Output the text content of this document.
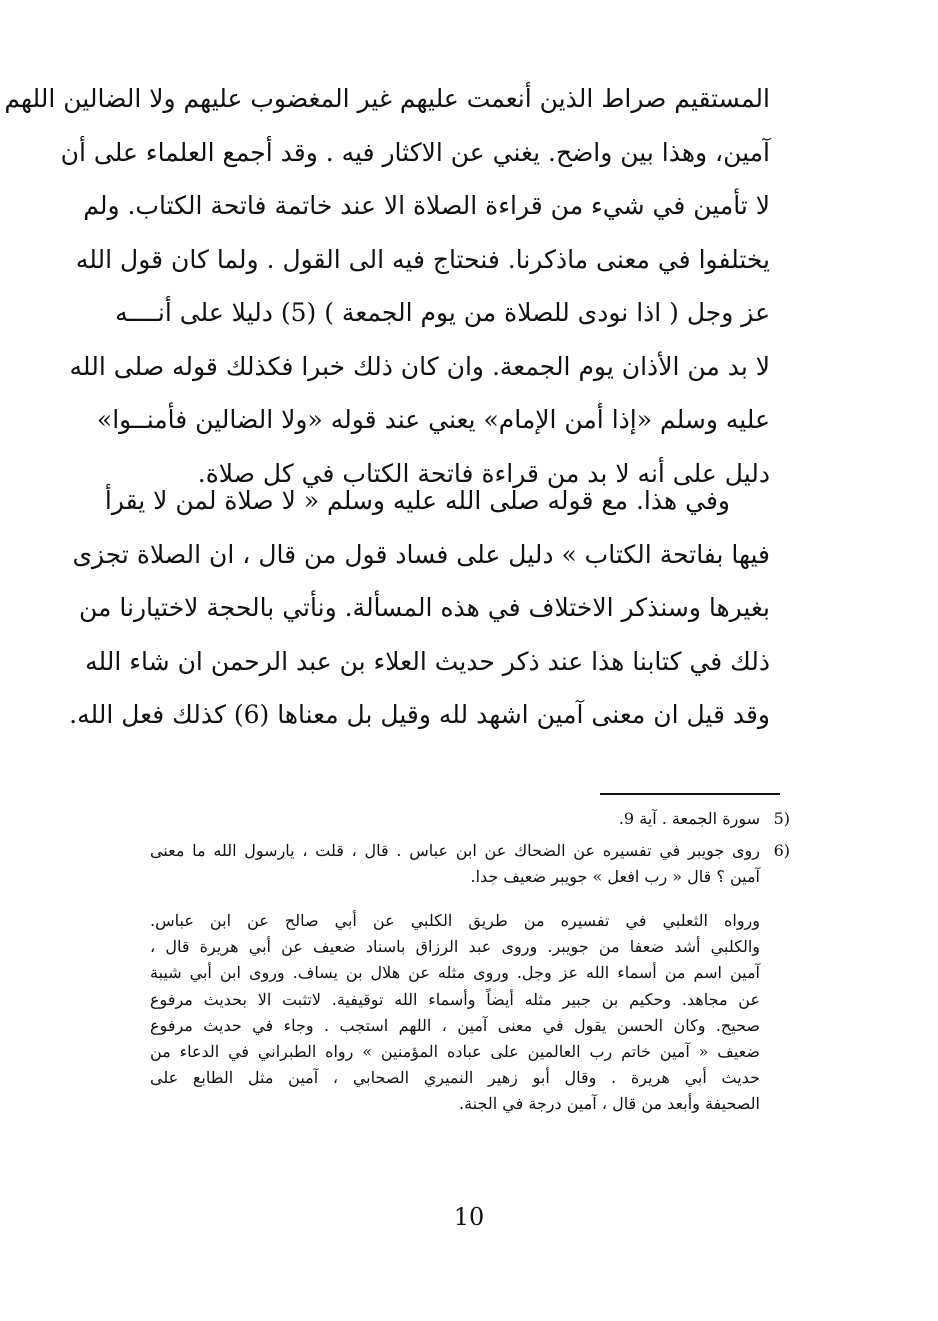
المستقيم صراط الذين أنعمت عليهم غير المغضوب عليهم ولا الضالين اللهم
آمين، وهذا بين واضح. يغني عن الاكثار فيه . وقد أجمع العلماء على أن
لا تأمين في شيء من قراءة الصلاة الا عند خاتمة فاتحة الكتاب. ولم
يختلفوا في معنى ماذكرنا. فنحتاج فيه الى القول . ولما كان قول الله
عز وجل ( اذا نودى للصلاة من يوم الجمعة ) (5) دليلا على أنــــه
لا بد من الأذان يوم الجمعة. وان كان ذلك خبرا فكذلك قوله صلى الله
عليه وسلم «إذا أمن الإمام» يعني عند قوله «ولا الضالين فأمنــوا»
دليل على أنه لا بد من قراءة فاتحة الكتاب في كل صلاة.
وفي هذا. مع قوله صلى الله عليه وسلم « لا صلاة لمن لا يقرأ
فيها بفاتحة الكتاب » دليل على فساد قول من قال ، ان الصلاة تجزى
بغيرها وسنذكر الاختلاف في هذه المسألة. ونأتي بالحجة لاختيارنا من
ذلك في كتابنا هذا عند ذكر حديث العلاء بن عبد الرحمن ان شاء الله
وقد قيل ان معنى آمين اشهد لله وقيل بل معناها (6) كذلك فعل الله.
5)
سورة الجمعة . آية 9.
6)
روى جويبر في تفسيره عن الضحاك عن ابن عباس . قال ، قلت ، يارسول الله ما معنى
آمين ؟ قال « رب افعل » جويبر ضعيف جدا.
ورواه الثعلبي في تفسيره من طريق الكلبي عن أبي صالح عن ابن عباس.
والكلبي أشد ضعفا من جويبر. وروى عبد الرزاق باسناد ضعيف عن أبي هريرة قال ،
آمين اسم من أسماء الله عز وجل. وروى مثله عن هلال بن يساف. وروى ابن أبي شيبة
عن مجاهد. وحكيم بن جبير مثله أيضاً وأسماء الله توقيفية. لاتثبت الا بحديث مرفوع
صحيح. وكان الحسن يقول في معنى آمين ، اللهم استجب . وجاء في حديث مرفوع
ضعيف « آمين خاتم رب العالمين على عباده المؤمنين » رواه الطبراني في الدعاء من
حديث أبي هريرة . وقال أبو زهير النميري الصحابي ، آمين مثل الطابع على
الصحيفة وأبعد من قال ، آمين درجة في الجنة.
10
